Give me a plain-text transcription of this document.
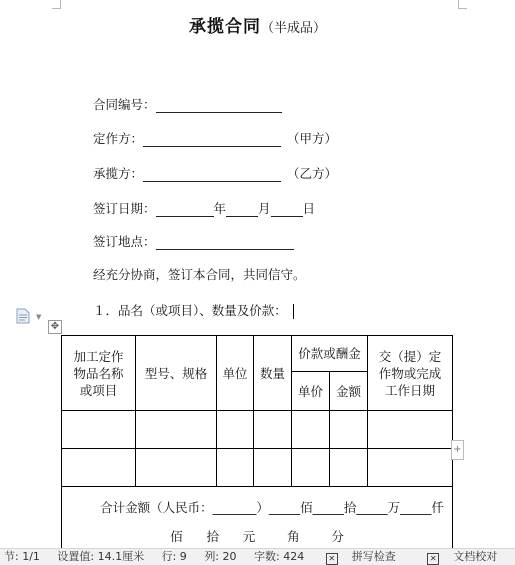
承揽合同（半成品）
合同编号：
定作方：	（甲方）
承揽方：	（乙方）
签订日期：	年	月	日
签订地点：
经充分协商，签订本合同，共同信守。
１．品名（或项目）、数量及价款：
▼
✥
加工定作物品名称或项目	型号、规格	单位	数量	价款或酬金		交（提）定作物或完成工作日期
				单价	金额	

合计金额（人民币：_______）_____佰_____拾_____万_____仟
佰      拾      元        角        分						
+
节: 1/1 设置值: 14.1厘米 行: 9 列: 20 字数: 424	✕ 拼写检查	✕ 文档校对
